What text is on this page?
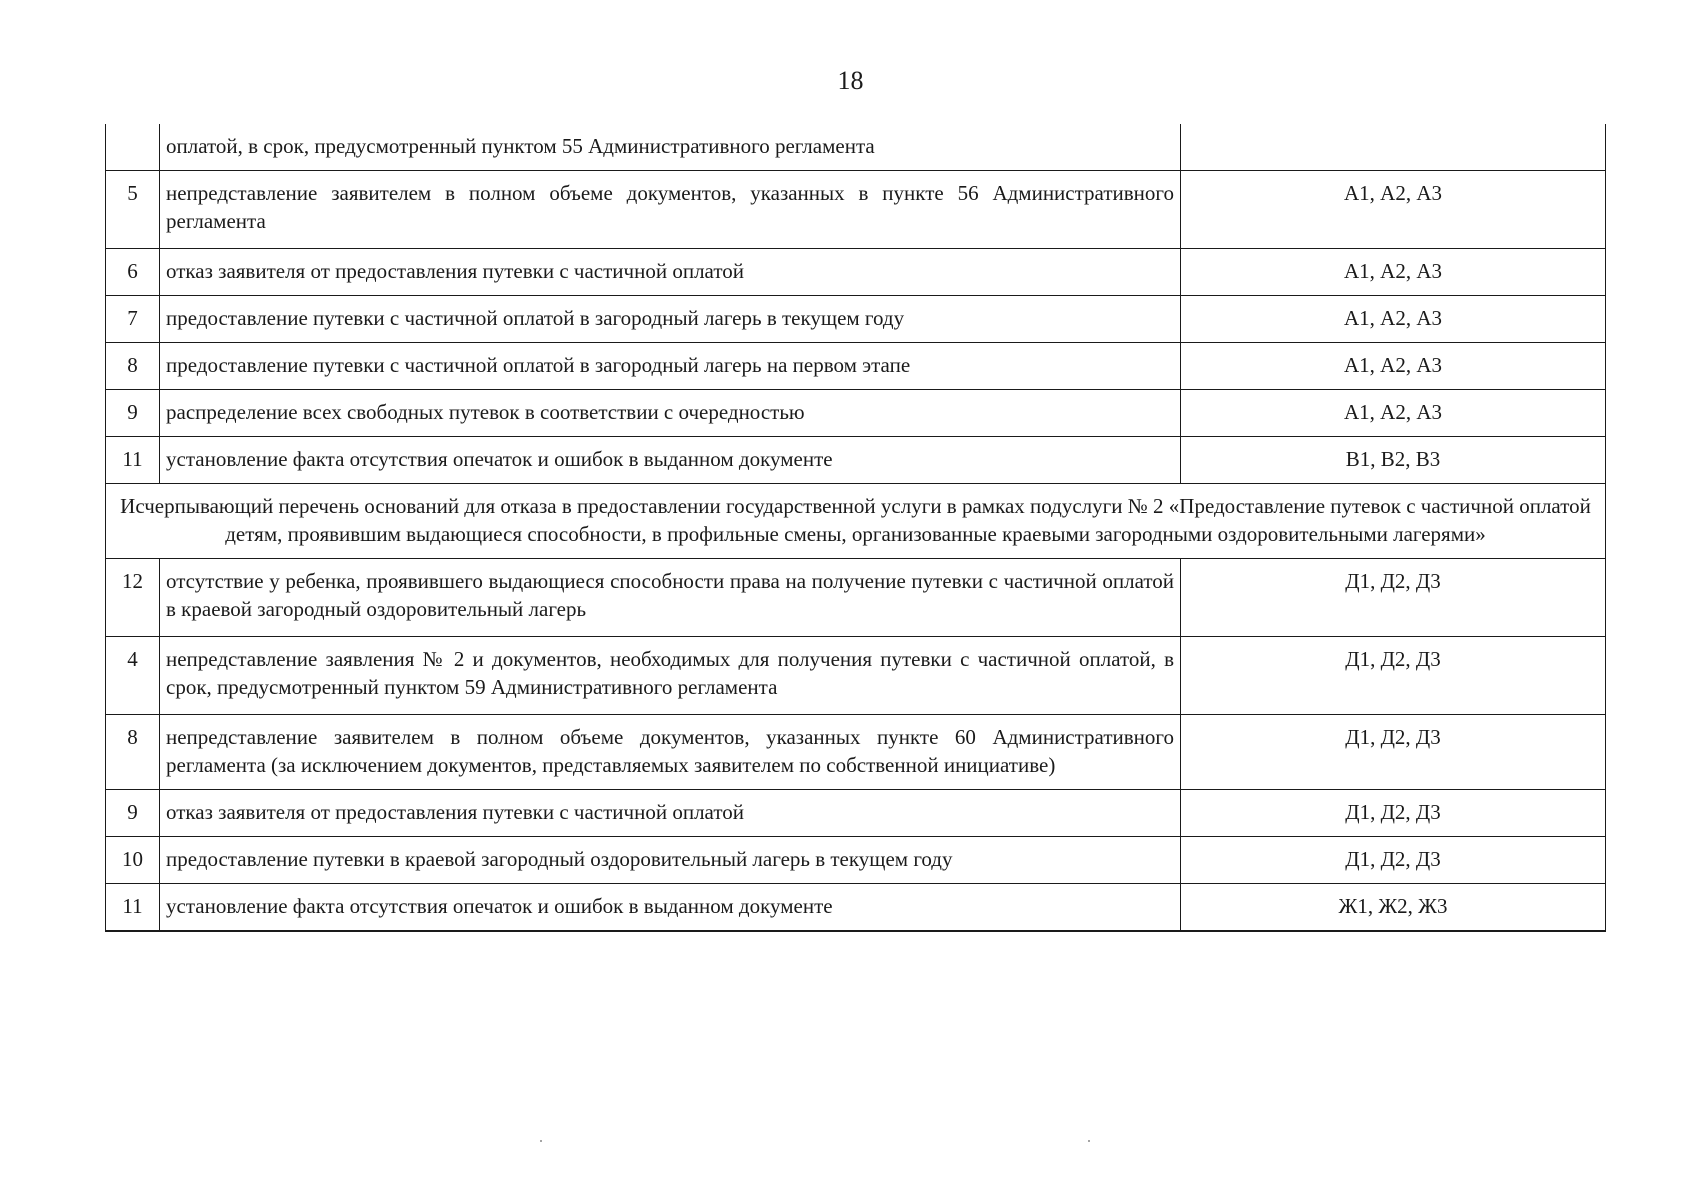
18
	оплатой, в срок, предусмотренный пунктом 55 Административного регламента	
5	непредставление заявителем в полном объеме документов, указанных в пункте 56 Административного регламента	А1, А2, А3
6	отказ заявителя от предоставления путевки с частичной оплатой	А1, А2, А3
7	предоставление путевки с частичной оплатой в загородный лагерь в текущем году	А1, А2, А3
8	предоставление путевки с частичной оплатой в загородный лагерь на первом этапе	А1, А2, А3
9	распределение всех свободных путевок в соответствии с очередностью	А1, А2, А3
11	установление факта отсутствия опечаток и ошибок в выданном документе	В1, В2, В3
Исчерпывающий перечень оснований для отказа в предоставлении государственной услуги в рамках подуслуги № 2 «Предоставление путевок с частичной оплатой детям, проявившим выдающиеся способности, в профильные смены, организованные краевыми загородными оздоровительными лагерями»		
12	отсутствие у ребенка, проявившего выдающиеся способности права на получение путевки с частичной оплатой в краевой загородный оздоровительный лагерь	Д1, Д2, Д3
4	непредставление заявления № 2 и документов, необходимых для получения путевки с частичной оплатой, в срок, предусмотренный пунктом 59 Административного регламента	Д1, Д2, Д3
8	непредставление заявителем в полном объеме документов, указанных пункте 60 Административного регламента (за исключением документов, представляемых заявителем по собственной инициативе)	Д1, Д2, Д3
9	отказ заявителя от предоставления путевки с частичной оплатой	Д1, Д2, Д3
10	предоставление путевки в краевой загородный оздоровительный лагерь в текущем году	Д1, Д2, Д3
11	установление факта отсутствия опечаток и ошибок в выданном документе	Ж1, Ж2, Ж3
